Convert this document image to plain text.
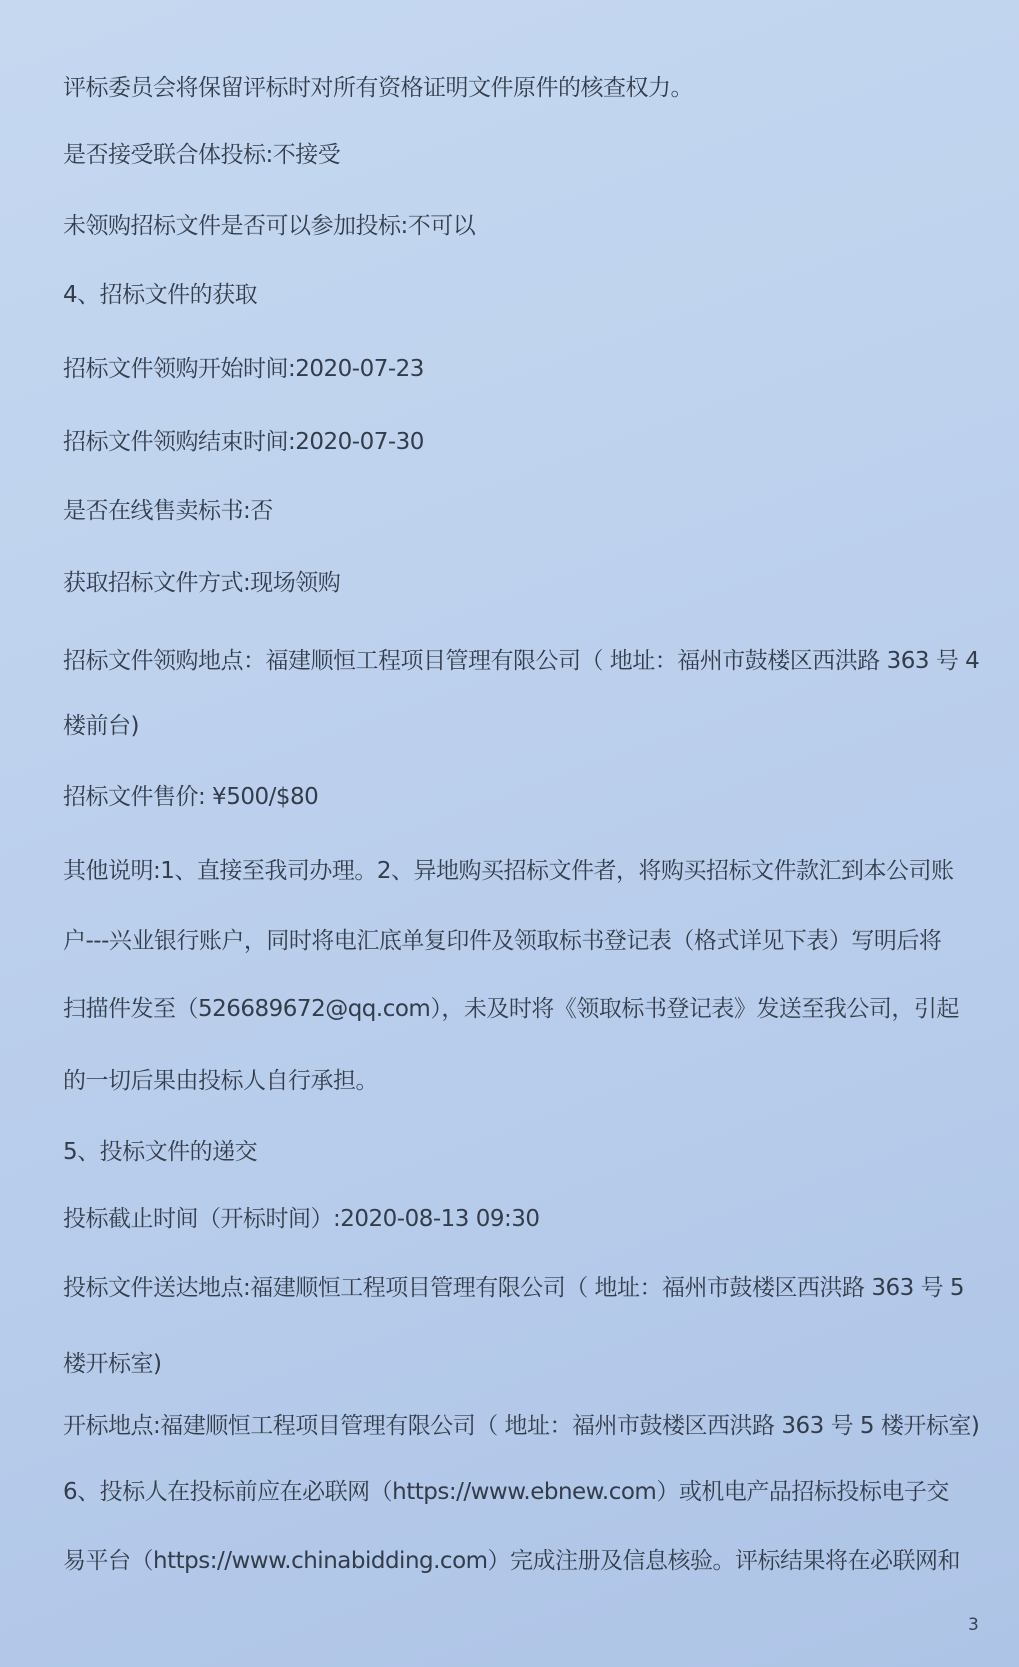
评标委员会将保留评标时对所有资格证明文件原件的核查权力。
是否接受联合体投标:不接受
未领购招标文件是否可以参加投标:不可以
4、招标文件的获取
招标文件领购开始时间:2020-07-23
招标文件领购结束时间:2020-07-30
是否在线售卖标书:否
获取招标文件方式:现场领购
招标文件领购地点：福建顺恒工程项目管理有限公司（ 地址：福州市鼓楼区西洪路 363 号 4
楼前台)
招标文件售价: ¥500/$80
其他说明:1、直接至我司办理。2、异地购买招标文件者，将购买招标文件款汇到本公司账
户---兴业银行账户，同时将电汇底单复印件及领取标书登记表（格式详见下表）写明后将
扫描件发至（526689672@qq.com），未及时将《领取标书登记表》发送至我公司，引起
的一切后果由投标人自行承担。
5、投标文件的递交
投标截止时间（开标时间）:2020-08-13 09:30
投标文件送达地点:福建顺恒工程项目管理有限公司（ 地址：福州市鼓楼区西洪路 363 号 5
楼开标室)
开标地点:福建顺恒工程项目管理有限公司（ 地址：福州市鼓楼区西洪路 363 号 5 楼开标室)
6、投标人在投标前应在必联网（https://www.ebnew.com）或机电产品招标投标电子交
易平台（https://www.chinabidding.com）完成注册及信息核验。评标结果将在必联网和
3
